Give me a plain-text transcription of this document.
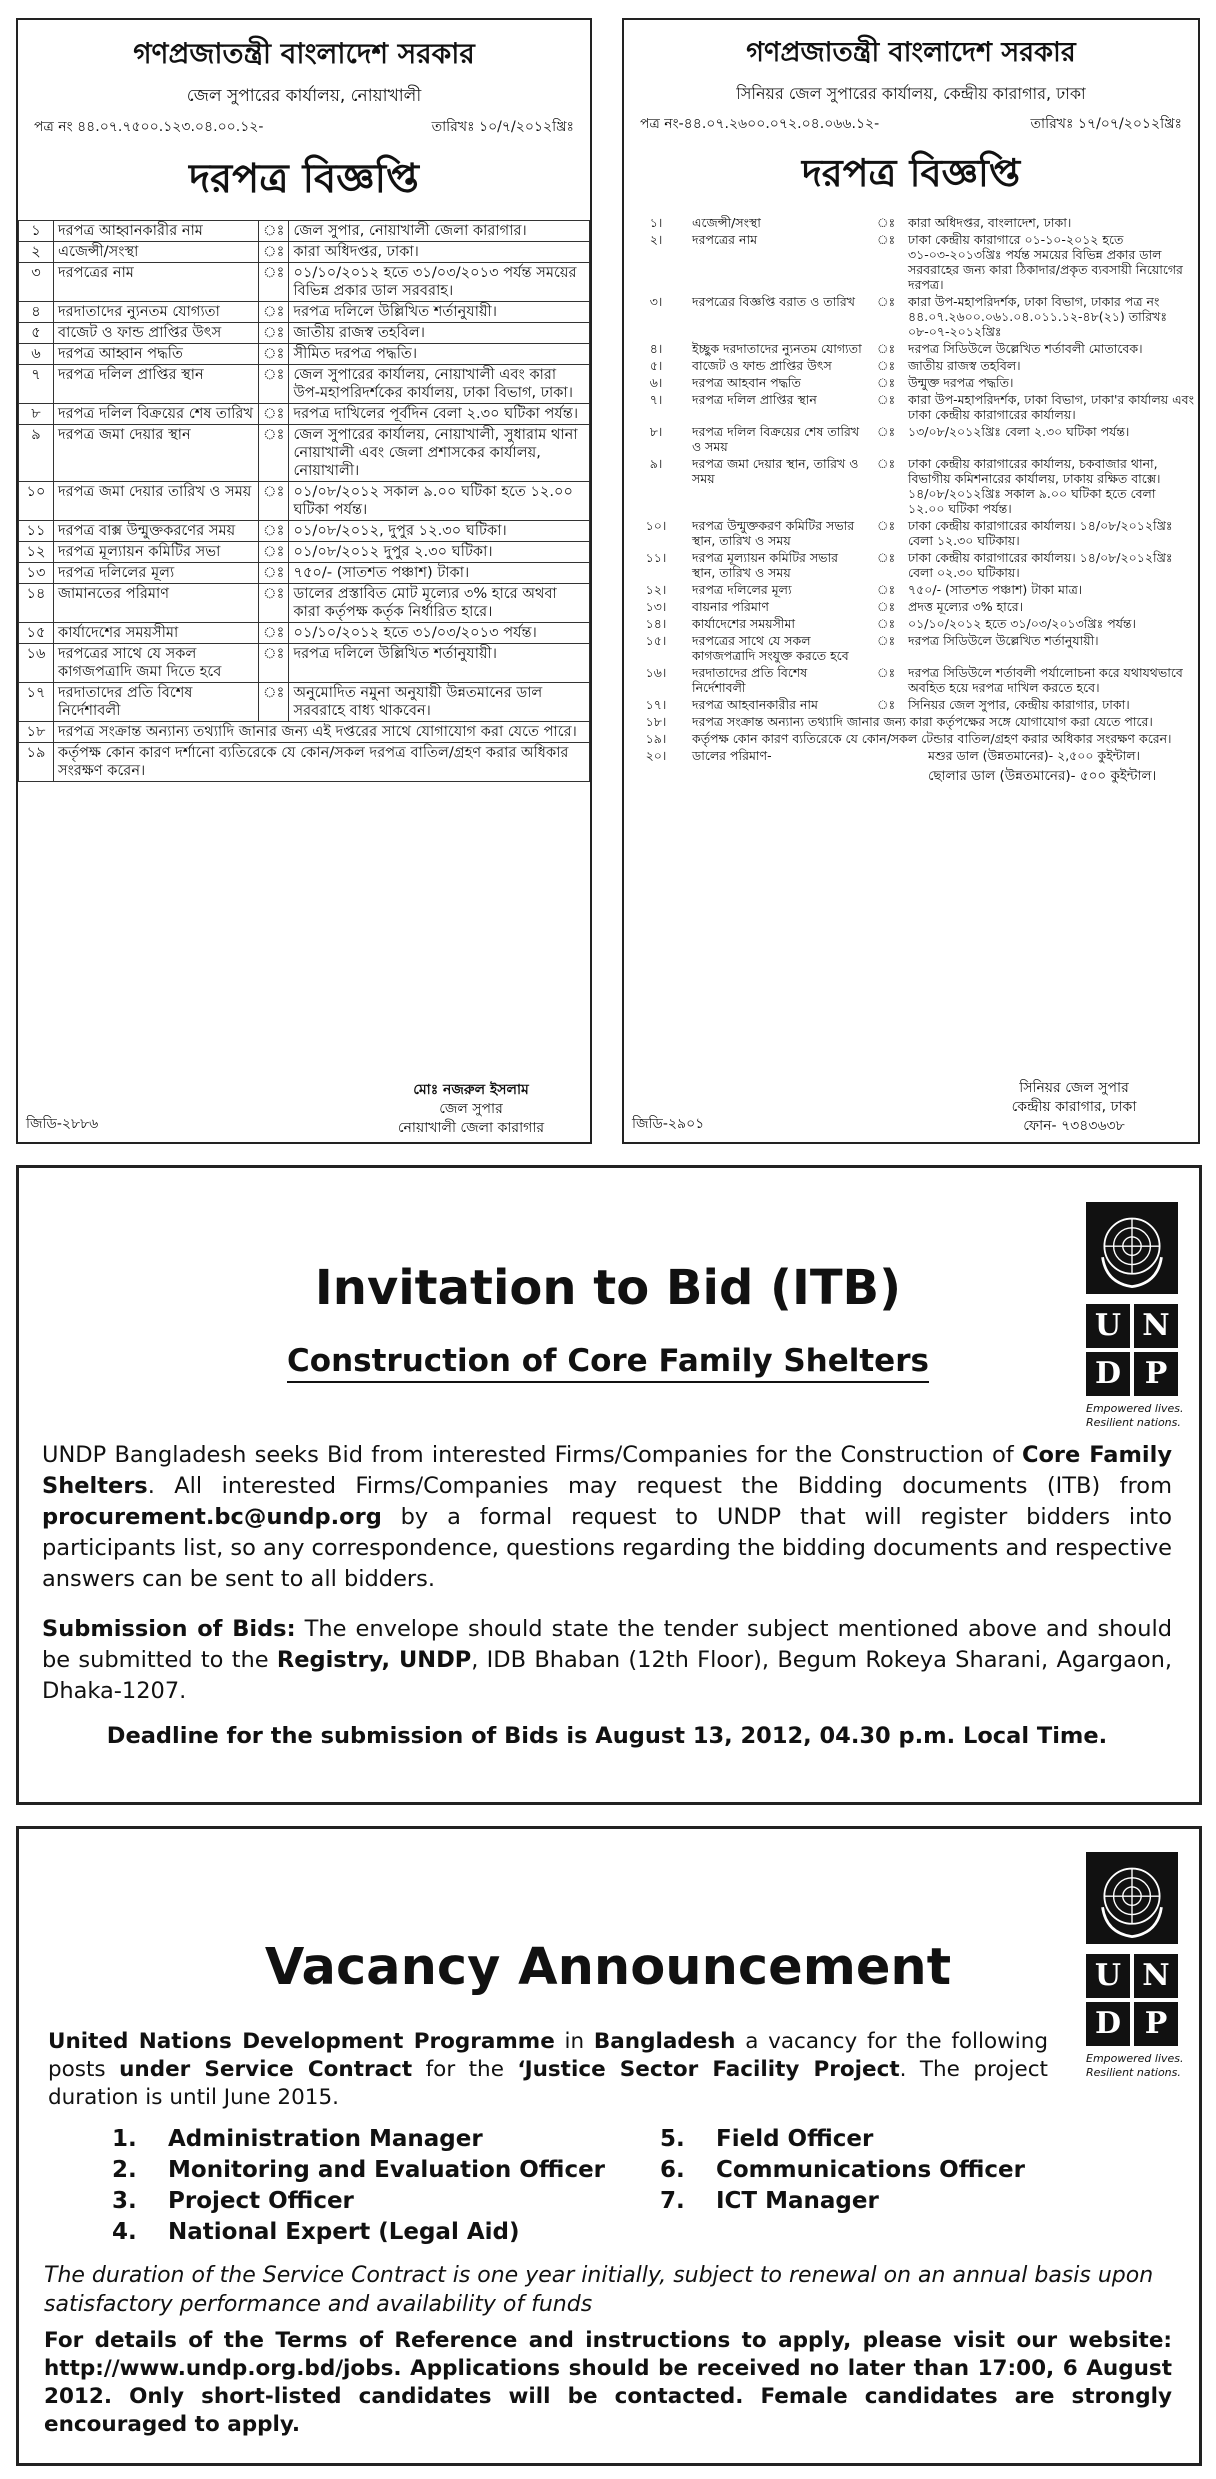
গণপ্রজাতন্ত্রী বাংলাদেশ সরকার
জেল সুপারের কার্যালয়, নোয়াখালী
পত্র নং ৪৪.০৭.৭৫০০.১২৩.০৪.০০.১২-	তারিখঃ ১০/৭/২০১২খ্রিঃ
দরপত্র বিজ্ঞপ্তি
১	দরপত্র আহ্বানকারীর নাম	ঃ	জেল সুপার, নোয়াখালী জেলা কারাগার।
২	এজেন্সী/সংস্থা	ঃ	কারা অধিদপ্তর, ঢাকা।
৩	দরপত্রের নাম	ঃ	০১/১০/২০১২ হতে ৩১/০৩/২০১৩ পর্যন্ত সময়ের বিভিন্ন প্রকার ডাল সরবরাহ।
৪	দরদাতাদের ন্যুনতম যোগ্যতা	ঃ	দরপত্র দলিলে উল্লিখিত শর্তানুযায়ী।
৫	বাজেট ও ফান্ড প্রাপ্তির উৎস	ঃ	জাতীয় রাজস্ব তহবিল।
৬	দরপত্র আহ্বান পদ্ধতি	ঃ	সীমিত দরপত্র পদ্ধতি।
৭	দরপত্র দলিল প্রাপ্তির স্থান	ঃ	জেল সুপারের কার্যালয়, নোয়াখালী এবং কারা উপ-মহাপরিদর্শকের কার্যালয়, ঢাকা বিভাগ, ঢাকা।
৮	দরপত্র দলিল বিক্রয়ের শেষ তারিখ	ঃ	দরপত্র দাখিলের পূর্বদিন বেলা ২.৩০ ঘটিকা পর্যন্ত।
৯	দরপত্র জমা দেয়ার স্থান	ঃ	জেল সুপারের কার্যালয়, নোয়াখালী, সুধারাম থানা নোয়াখালী এবং জেলা প্রশাসকের কার্যালয়, নোয়াখালী।
১০	দরপত্র জমা দেয়ার তারিখ ও সময়	ঃ	০১/০৮/২০১২ সকাল ৯.০০ ঘটিকা হতে ১২.০০ ঘটিকা পর্যন্ত।
১১	দরপত্র বাক্স উন্মুক্তকরণের সময়	ঃ	০১/০৮/২০১২, দুপুর ১২.৩০ ঘটিকা।
১২	দরপত্র মূল্যায়ন কমিটির সভা	ঃ	০১/০৮/২০১২ দুপুর ২.৩০ ঘটিকা।
১৩	দরপত্র দলিলের মূল্য	ঃ	৭৫০/- (সাতশত পঞ্চাশ) টাকা।
১৪	জামানতের পরিমাণ	ঃ	ডালের প্রস্তাবিত মোট মূল্যের ৩% হারে অথবা কারা কর্তৃপক্ষ কর্তৃক নির্ধারিত হারে।
১৫	কার্যাদেশের সময়সীমা	ঃ	০১/১০/২০১২ হতে ৩১/০৩/২০১৩ পর্যন্ত।
১৬	দরপত্রের সাথে যে সকল কাগজপত্রাদি জমা দিতে হবে	ঃ	দরপত্র দলিলে উল্লিখিত শর্তানুযায়ী।
১৭	দরদাতাদের প্রতি বিশেষ নির্দেশাবলী	ঃ	অনুমোদিত নমুনা অনুযায়ী উন্নতমানের ডাল সরবরাহে বাধ্য থাকবেন।
১৮	দরপত্র সংক্রান্ত অন্যান্য তথ্যাদি জানার জন্য এই দপ্তরের সাথে যোগাযোগ করা যেতে পারে।		
১৯	কর্তৃপক্ষ কোন কারণ দর্শানো ব্যতিরেকে যে কোন/সকল দরপত্র বাতিল/গ্রহণ করার অধিকার সংরক্ষণ করেন।		
মোঃ নজরুল ইসলাম
জেল সুপার
নোয়াখালী জেলা কারাগার
জিডি-২৮৮৬
গণপ্রজাতন্ত্রী বাংলাদেশ সরকার
সিনিয়র জেল সুপারের কার্যালয়, কেন্দ্রীয় কারাগার, ঢাকা
পত্র নং-৪৪.০৭.২৬০০.০৭২.০৪.০৬৬.১২-	তারিখঃ ১৭/০৭/২০১২খ্রিঃ
দরপত্র বিজ্ঞপ্তি
১।	এজেন্সী/সংস্থা	ঃ	কারা অধিদপ্তর, বাংলাদেশ, ঢাকা।
২।	দরপত্রের নাম	ঃ	ঢাকা কেন্দ্রীয় কারাগারে ০১-১০-২০১২ হতে ৩১-০৩-২০১৩খ্রিঃ পর্যন্ত সময়ের বিভিন্ন প্রকার ডাল সরবরাহের জন্য কারা ঠিকাদার/প্রকৃত ব্যবসায়ী নিয়োগের দরপত্র।
৩।	দরপত্রের বিজ্ঞপ্তি বরাত ও তারিখ	ঃ	কারা উপ-মহাপরিদর্শক, ঢাকা বিভাগ, ঢাকার পত্র নং ৪৪.০৭.২৬০০.০৬১.০৪.০১১.১২-৪৮(২১) তারিখঃ ০৮-০৭-২০১২খ্রিঃ
৪।	ইচ্ছুক দরদাতাদের ন্যুনতম যোগ্যতা	ঃ	দরপত্র সিডিউলে উল্লেখিত শর্তাবলী মোতাবেক।
৫।	বাজেট ও ফান্ড প্রাপ্তির উৎস	ঃ	জাতীয় রাজস্ব তহবিল।
৬।	দরপত্র আহবান পদ্ধতি	ঃ	উন্মুক্ত দরপত্র পদ্ধতি।
৭।	দরপত্র দলিল প্রাপ্তির স্থান	ঃ	কারা উপ-মহাপরিদর্শক, ঢাকা বিভাগ, ঢাকা'র কার্যালয় এবং ঢাকা কেন্দ্রীয় কারাগারের কার্যালয়।
৮।	দরপত্র দলিল বিক্রয়ের শেষ তারিখ ও সময়	ঃ	১৩/০৮/২০১২খ্রিঃ বেলা ২.৩০ ঘটিকা পর্যন্ত।
৯।	দরপত্র জমা দেয়ার স্থান, তারিখ ও সময়	ঃ	ঢাকা কেন্দ্রীয় কারাগারের কার্যালয়, চকবাজার থানা, বিভাগীয় কমিশনারের কার্যালয়, ঢাকায় রক্ষিত বাক্সে। ১৪/০৮/২০১২খ্রিঃ সকাল ৯.০০ ঘটিকা হতে বেলা ১২.০০ ঘটিকা পর্যন্ত।
১০।	দরপত্র উন্মুক্তকরণ কমিটির সভার স্থান, তারিখ ও সময়	ঃ	ঢাকা কেন্দ্রীয় কারাগারের কার্যালয়। ১৪/০৮/২০১২খ্রিঃ বেলা ১২.৩০ ঘটিকায়।
১১।	দরপত্র মূল্যায়ন কমিটির সভার স্থান, তারিখ ও সময়	ঃ	ঢাকা কেন্দ্রীয় কারাগারের কার্যালয়। ১৪/০৮/২০১২খ্রিঃ বেলা ০২.৩০ ঘটিকায়।
১২।	দরপত্র দলিলের মূল্য	ঃ	৭৫০/- (সাতশত পঞ্চাশ) টাকা মাত্র।
১৩।	বায়নার পরিমাণ	ঃ	প্রদত্ত মূল্যের ৩% হারে।
১৪।	কার্যাদেশের সময়সীমা	ঃ	০১/১০/২০১২ হতে ৩১/০৩/২০১৩খ্রিঃ পর্যন্ত।
১৫।	দরপত্রের সাথে যে সকল কাগজপত্রাদি সংযুক্ত করতে হবে	ঃ	দরপত্র সিডিউলে উল্লেখিত শর্তানুযায়ী।
১৬।	দরদাতাদের প্রতি বিশেষ নির্দেশাবলী	ঃ	দরপত্র সিডিউলে শর্তাবলী পর্যালোচনা করে যথাযথভাবে অবহিত হয়ে দরপত্র দাখিল করতে হবে।
১৭।	দরপত্র আহবানকারীর নাম	ঃ	সিনিয়র জেল সুপার, কেন্দ্রীয় কারাগার, ঢাকা।
১৮।	দরপত্র সংক্রান্ত অন্যান্য তথ্যাদি জানার জন্য কারা কর্তৃপক্ষের সঙ্গে যোগাযোগ করা যেতে পারে।		
১৯।	কর্তৃপক্ষ কোন কারণ ব্যতিরেকে যে কোন/সকল টেন্ডার বাতিল/গ্রহণ করার অধিকার সংরক্ষণ করেন।		
২০।	ডালের পরিমাণ-	মশুর ডাল (উন্নতমানের)- ২,৫০০ কুইন্টাল।
ছোলার ডাল (উন্নতমানের)- ৫০০ কুইন্টাল।	
সিনিয়র জেল সুপার
কেন্দ্রীয় কারাগার, ঢাকা
ফোন- ৭৩৪৩৬৩৮
জিডি-২৯০১
Invitation to Bid (ITB)
Construction of Core Family Shelters
U N
D P
Empowered lives.
Resilient nations.
UNDP Bangladesh seeks Bid from interested Firms/Companies for the Construction of Core Family Shelters. All interested Firms/Companies may request the Bidding documents (ITB) from procurement.bc@undp.org by a formal request to UNDP that will register bidders into participants list, so any correspondence, questions regarding the bidding documents and respective answers can be sent to all bidders.
Submission of Bids: The envelope should state the tender subject mentioned above and should be submitted to the Registry, UNDP, IDB Bhaban (12th Floor), Begum Rokeya Sharani, Agargaon, Dhaka-1207.
Deadline for the submission of Bids is August 13, 2012, 04.30 p.m. Local Time.
Vacancy Announcement	U N
D P
Empowered lives.
Resilient nations.
United Nations Development Programme in Bangladesh a vacancy for the following posts under Service Contract for the ‘Justice Sector Facility Project. The project duration is until June 2015.
1.	Administration Manager
2.	Monitoring and Evaluation Officer
3.	Project Officer
4.	National Expert (Legal Aid)
5.	Field Officer
6.	Communications Officer
7.	ICT Manager
The duration of the Service Contract is one year initially, subject to renewal on an annual basis upon satisfactory performance and availability of funds
For details of the Terms of Reference and instructions to apply, please visit our website: http://www.undp.org.bd/jobs. Applications should be received no later than 17:00, 6 August 2012. Only short-listed candidates will be contacted. Female candidates are strongly encouraged to apply.
